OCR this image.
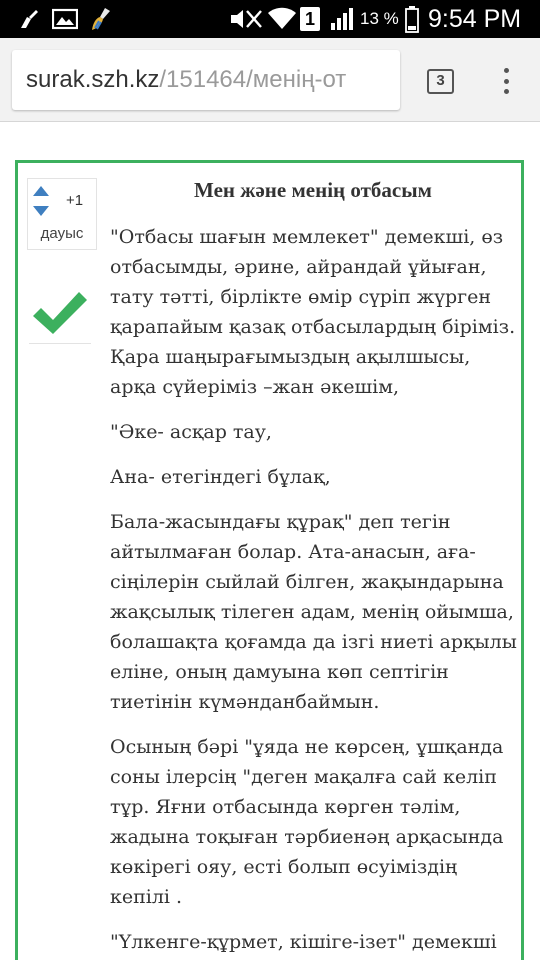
1	13 % 9:54 PM
surak.szh.kz/151464/менің-от	3
+1
дауыс
Мен және менің отбасым

"Отбасы шағын мемлекет" демекші, өз отбасымды, әрине, айрандай ұйыған, тату тәтті, бірлікте өмір сүріп жүрген қарапайым қазақ отбасылардың біріміз. Қара шаңырағымыздың ақылшысы, арқа сүйеріміз –жан әкешім,

"Әке- асқар тау,

Ана- етегіндегі бұлақ,

Бала-жасындағы құрақ" деп тегін айтылмаған болар. Ата-анасын, аға-сіңілерін сыйлай білген, жақындарына жақсылық тілеген адам, менің ойымша, болашақта қоғамда да ізгі ниеті арқылы еліне, оның дамуына көп септігін тиетінін күмәнданбаймын.

Осының бәрі "ұяда не көрсең, ұшқанда соны ілерсің "деген мақалға сай келіп тұр. Яғни отбасында көрген тәлім, жадына тоқыған тәрбиенәң арқасында көкірегі ояу, есті болып өсуіміздің кепілі .

"Үлкенге-құрмет, кішіге-ізет" демекші
